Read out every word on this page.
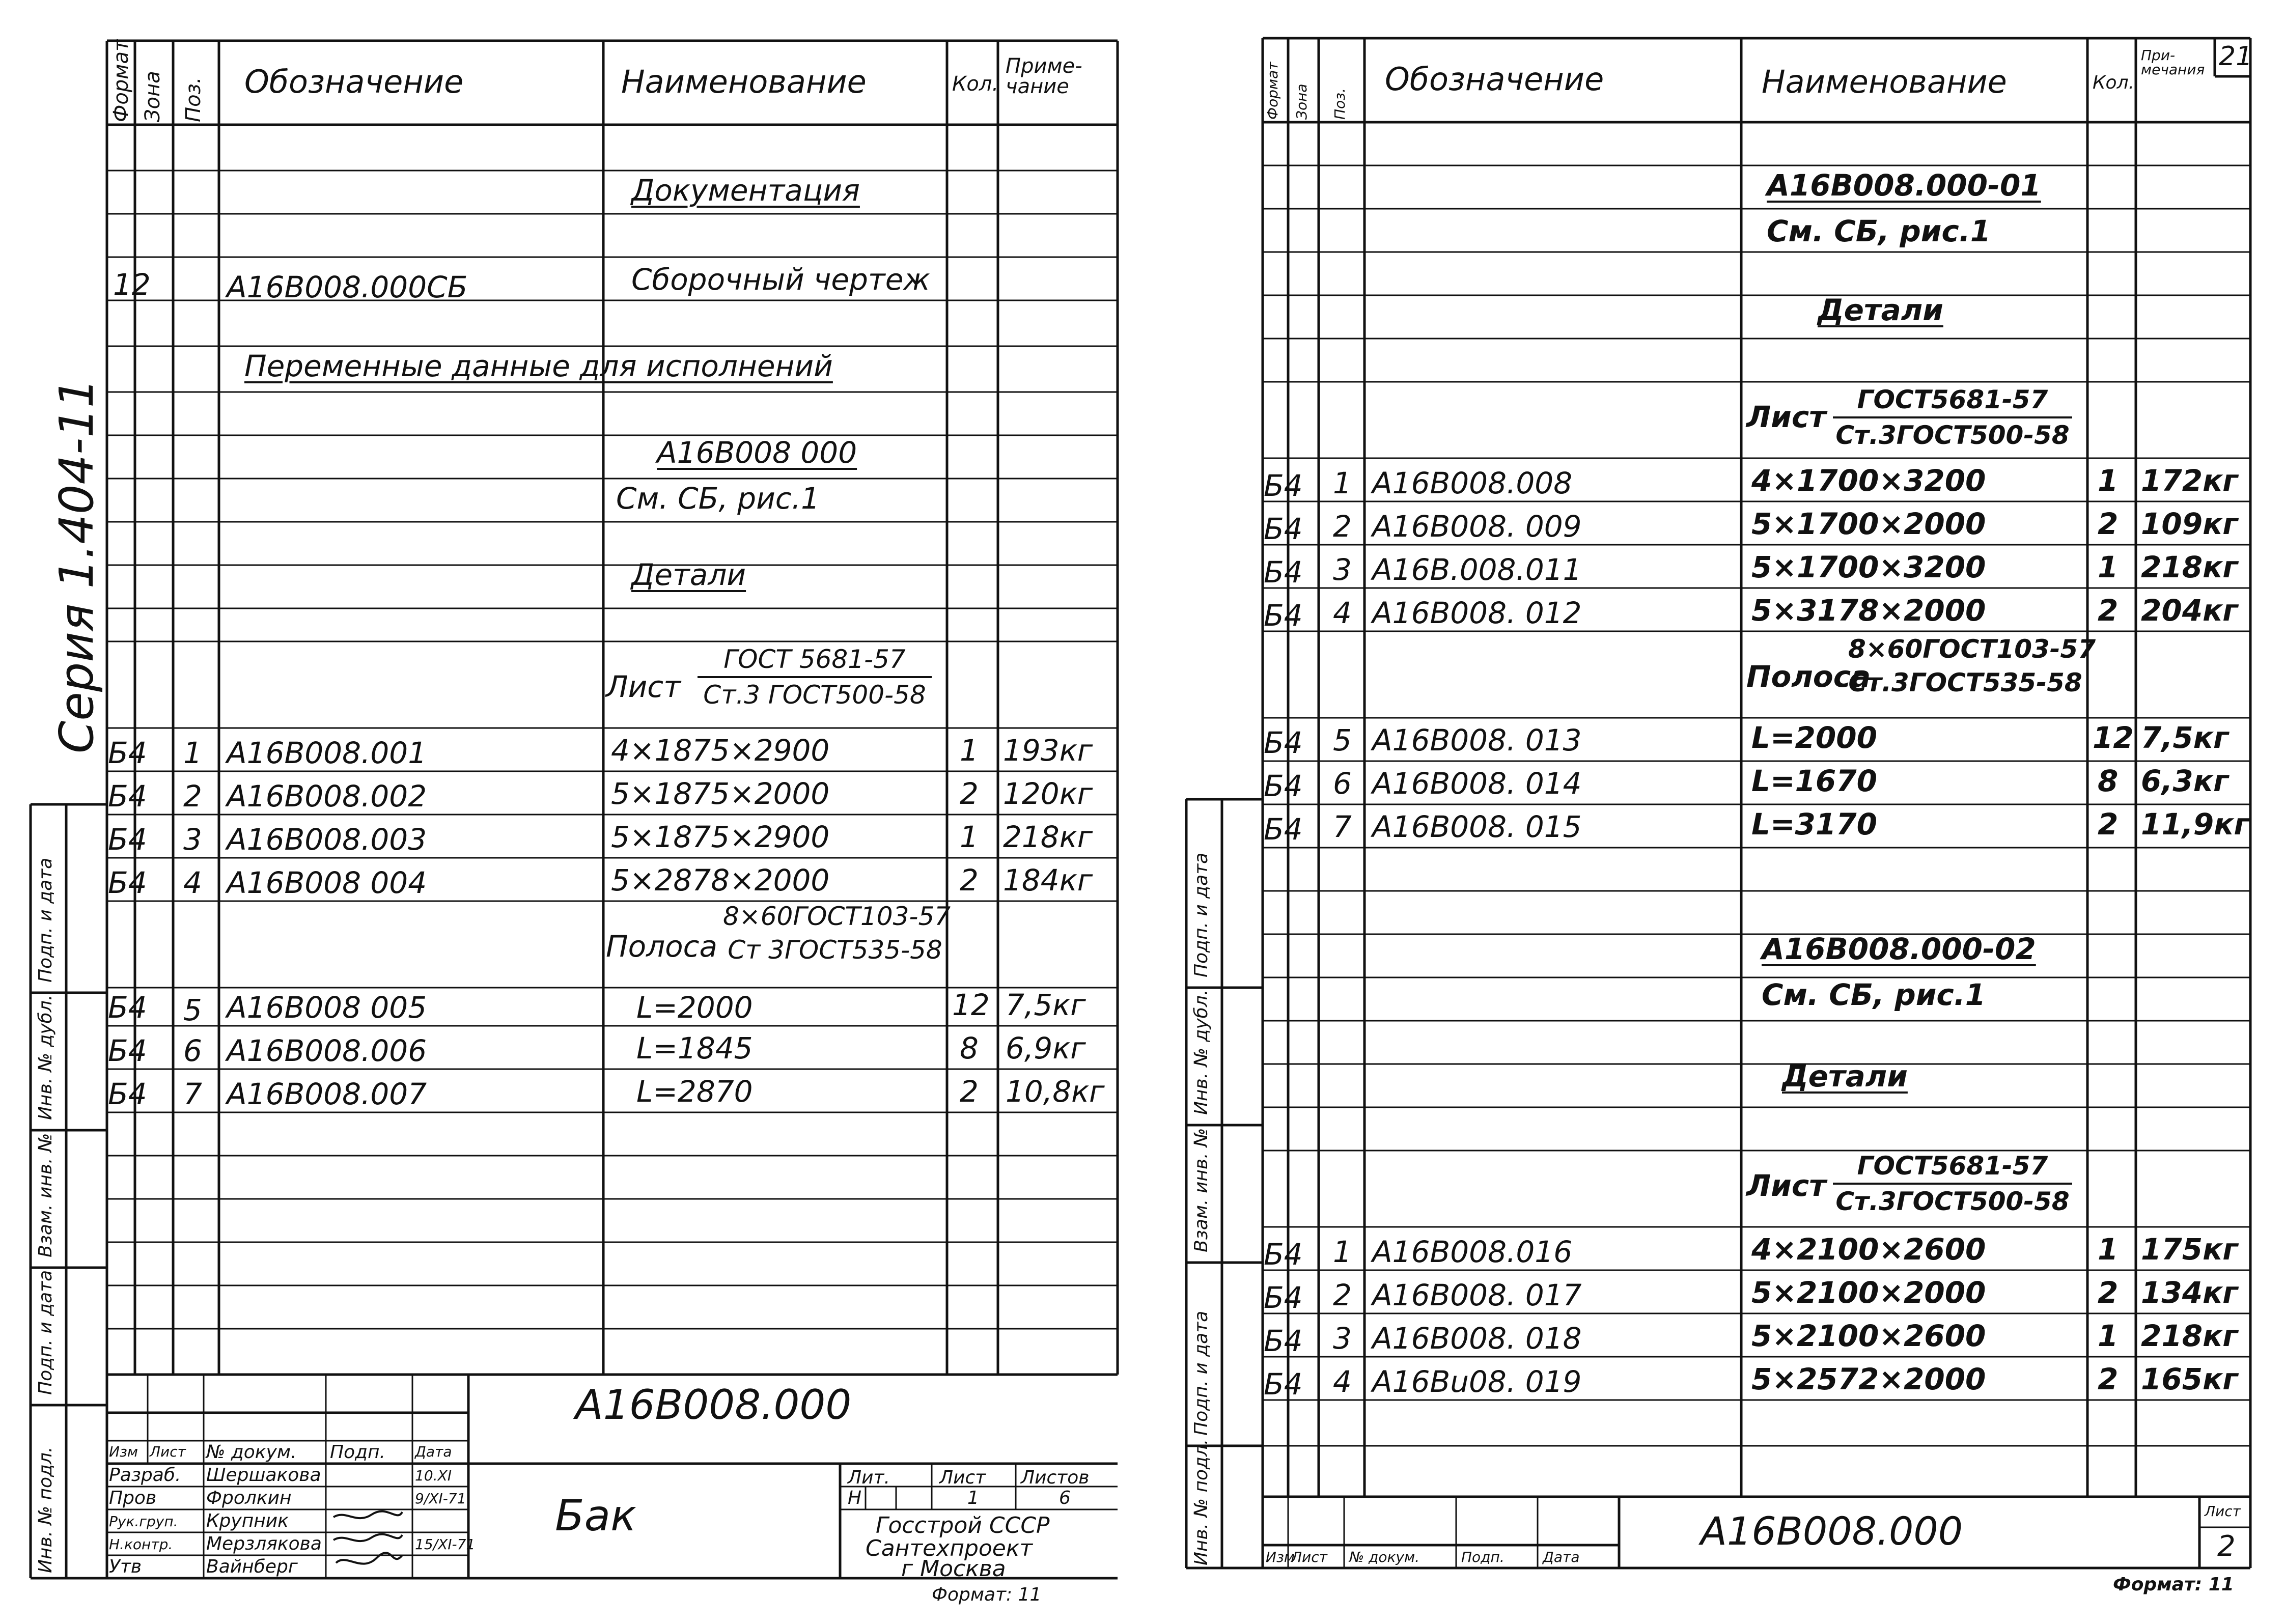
Серия 1.404-11
Формат Зона Поз. Обозначение	Наименование	Кол.
Приме-чание
Документация
12	А16В008.000СБ	Сборочный чертеж
Переменные данные для исполнений
А16В008 000
См. СБ, рис.1
Детали
Лист
ГОСТ 5681-57
Ст.3 ГОСТ500-58
Б4 1 А16В008.001	4×1875×2900	1 193кг
Б4 2 А16В008.002	5×1875×2000	2 120кг
Б4 3 А16В008.003	5×1875×2900	1 218кг
Б4 4 А16В008 004	5×2878×2000	2 184кг
Полоса
8×60ГОСТ103-57
Ст 3ГОСТ535-58
Б4 5 А16В008 005	L=2000	12 7,5кг
Б4 6 А16В008.006	L=1845	8 6,9кг
Б4 7 А16В008.007	L=2870	2 10,8кг
Подп. и дата
Инв. № дубл.
Взам. инв. №
Подп. и дата
Инв. № подл.
А16В008.000
Бак
Изм Лист № докум. Подп. Дата
Разраб. Шершакова	10.XI
Пров	Фролкин	9/XI-71
Рук.груп. Крупник
Н.контр. Мерзлякова	15/XI-71
Утв	Вайнберг
Лит.	Лист Листов
Н	1	6
Госстрой СССР
Сантехпроект
г Москва
Формат: 11
Формат Зона Поз.
Обозначение	Наименование	Кол.
При-мечания 21
А16В008.000-01
См. СБ, рис.1
Детали
Лист	ГОСТ5681-57
Ст.3ГОСТ500-58
Б4 1 А16В008.008	4×1700×3200	1 172кг
Б4 2 А16В008. 009	5×1700×2000	2 109кг
Б4 3 А16В.008.011	5×1700×3200	1 218кг
Б4 4 А16В008. 012	5×3178×2000	2 204кг
Полоса
8×60ГОСТ103-57
Ст.3ГОСТ535-58
Б4 5 А16В008. 013	L=2000	12 7,5кг
Б4 6 А16В008. 014	L=1670	8 6,3кг
Б4 7 А16В008. 015	L=3170	2 11,9кг
А16В008.000-02
См. СБ, рис.1
Детали
Лист
ГОСТ5681-57
Ст.3ГОСТ500-58
Б4 1 А16В008.016	4×2100×2600	1 175кг
Б4 2 А16В008. 017	5×2100×2000	2 134кг
Б4 3 А16В008. 018	5×2100×2600	1 218кг
Б4 4 А16Вu08. 019	5×2572×2000	2 165кг
Подп. и дата
Инв. № дубл.
Взам. инв. №
Подп. и дата
Инв. № подл.	А16В008.000
Изм
Лист № докум.	Подп.	Дата
Лист
2
Формат: 11
